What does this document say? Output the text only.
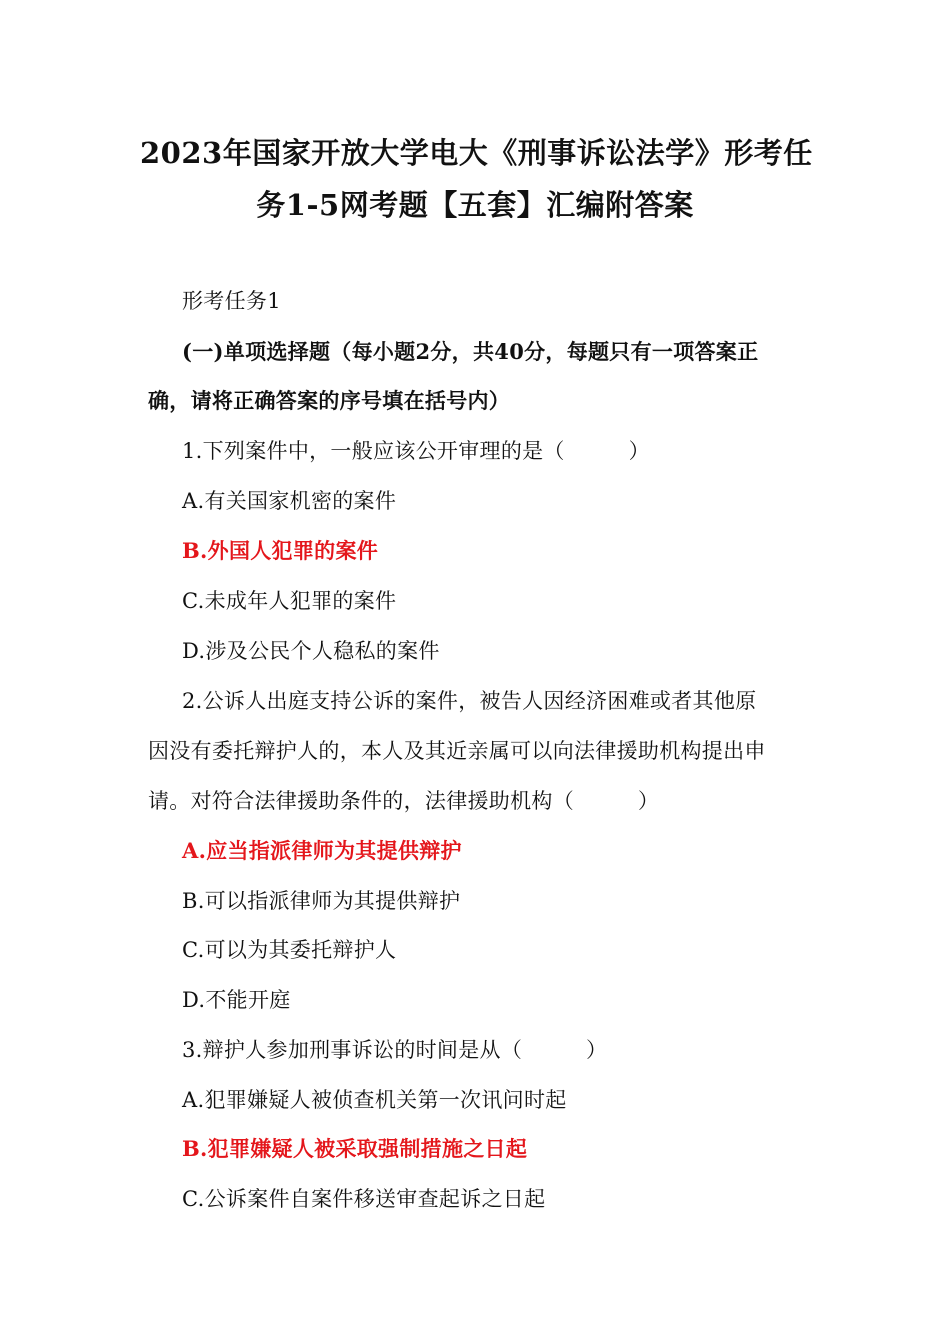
2023年国家开放大学电大《刑事诉讼法学》形考任
务1-5网考题【五套】汇编附答案
形考任务1
(一)单项选择题（每小题2分，共40分，每题只有一项答案正
确，请将正确答案的序号填在括号内）
1.下列案件中，一般应该公开审理的是（　　　）
A.有关国家机密的案件
B.外国人犯罪的案件
C.未成年人犯罪的案件
D.涉及公民个人稳私的案件
2.公诉人出庭支持公诉的案件，被告人因经济困难或者其他原
因没有委托辩护人的，本人及其近亲属可以向法律援助机构提出申
请。对符合法律援助条件的，法律援助机构（　　　）
A.应当指派律师为其提供辩护
B.可以指派律师为其提供辩护
C.可以为其委托辩护人
D.不能开庭
3.辩护人参加刑事诉讼的时间是从（　　　）
A.犯罪嫌疑人被侦查机关第一次讯问时起
B.犯罪嫌疑人被采取强制措施之日起
C.公诉案件自案件移送审查起诉之日起
